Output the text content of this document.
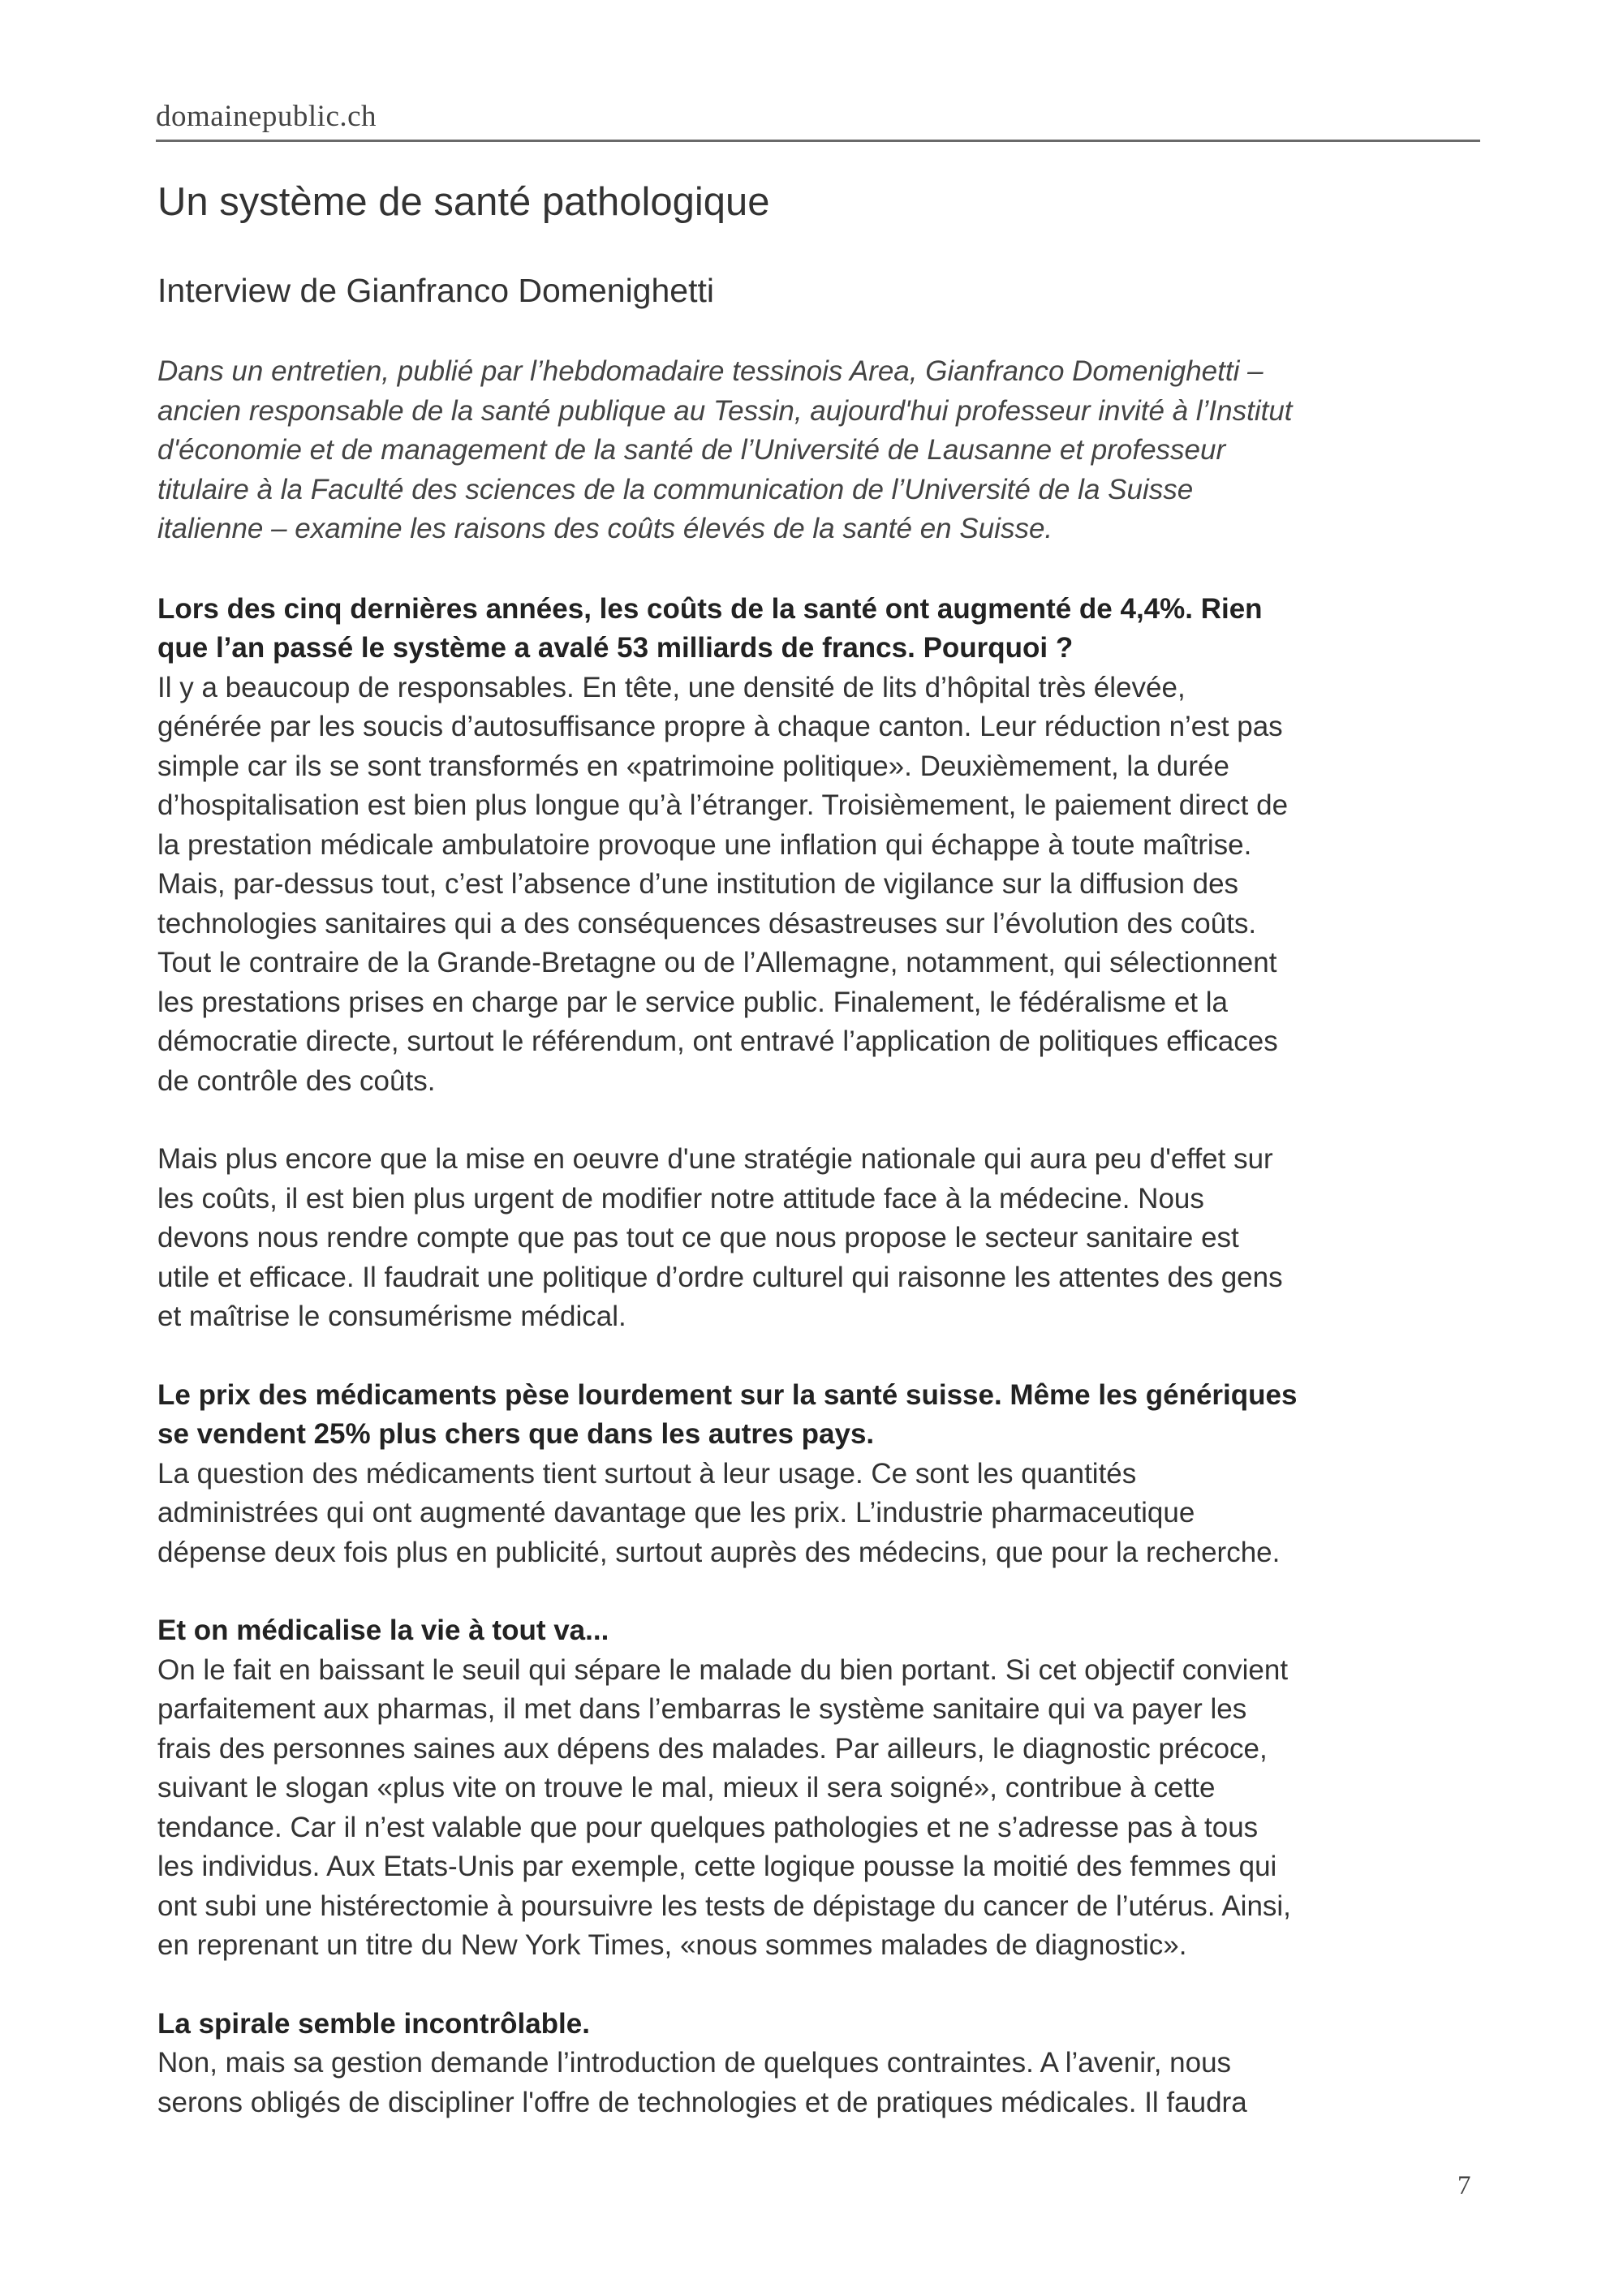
domainepublic.ch
Un système de santé pathologique
Interview de Gianfranco Domenighetti

Dans un entretien, publié par l’hebdomadaire tessinois Area, Gianfranco Domenighetti –
ancien responsable de la santé publique au Tessin, aujourd'hui professeur invité à l’Institut
d'économie et de management de la santé de l’Université de Lausanne et professeur
titulaire à la Faculté des sciences de la communication de l’Université de la Suisse
italienne – examine les raisons des coûts élevés de la santé en Suisse.

Lors des cinq dernières années, les coûts de la santé ont augmenté de 4,4%. Rien
que l’an passé le système a avalé 53 milliards de francs. Pourquoi ?

Il y a beaucoup de responsables. En tête, une densité de lits d’hôpital très élevée,
générée par les soucis d’autosuffisance propre à chaque canton. Leur réduction n’est pas
simple car ils se sont transformés en «patrimoine politique». Deuxièmement, la durée
d’hospitalisation est bien plus longue qu’à l’étranger. Troisièmement, le paiement direct de
la prestation médicale ambulatoire provoque une inflation qui échappe à toute maîtrise.
Mais, par-dessus tout, c’est l’absence d’une institution de vigilance sur la diffusion des
technologies sanitaires qui a des conséquences désastreuses sur l’évolution des coûts.
Tout le contraire de la Grande-Bretagne ou de l’Allemagne, notamment, qui sélectionnent
les prestations prises en charge par le service public. Finalement, le fédéralisme et la
démocratie directe, surtout le référendum, ont entravé l’application de politiques efficaces
de contrôle des coûts.

Mais plus encore que la mise en oeuvre d'une stratégie nationale qui aura peu d'effet sur
les coûts, il est bien plus urgent de modifier notre attitude face à la médecine. Nous
devons nous rendre compte que pas tout ce que nous propose le secteur sanitaire est
utile et efficace. Il faudrait une politique d’ordre culturel qui raisonne les attentes des gens
et maîtrise le consumérisme médical.

Le prix des médicaments pèse lourdement sur la santé suisse. Même les génériques
se vendent 25% plus chers que dans les autres pays.

La question des médicaments tient surtout à leur usage. Ce sont les quantités
administrées qui ont augmenté davantage que les prix. L’industrie pharmaceutique
dépense deux fois plus en publicité, surtout auprès des médecins, que pour la recherche.

Et on médicalise la vie à tout va...

On le fait en baissant le seuil qui sépare le malade du bien portant. Si cet objectif convient
parfaitement aux pharmas, il met dans l’embarras le système sanitaire qui va payer les
frais des personnes saines aux dépens des malades. Par ailleurs, le diagnostic précoce,
suivant le slogan «plus vite on trouve le mal, mieux il sera soigné», contribue à cette
tendance. Car il n’est valable que pour quelques pathologies et ne s’adresse pas à tous
les individus. Aux Etats-Unis par exemple, cette logique pousse la moitié des femmes qui
ont subi une histérectomie à poursuivre les tests de dépistage du cancer de l’utérus. Ainsi,
en reprenant un titre du New York Times, «nous sommes malades de diagnostic».

La spirale semble incontrôlable.

Non, mais sa gestion demande l’introduction de quelques contraintes. A l’avenir, nous
serons obligés de discipliner l'offre de technologies et de pratiques médicales. Il faudra

7
